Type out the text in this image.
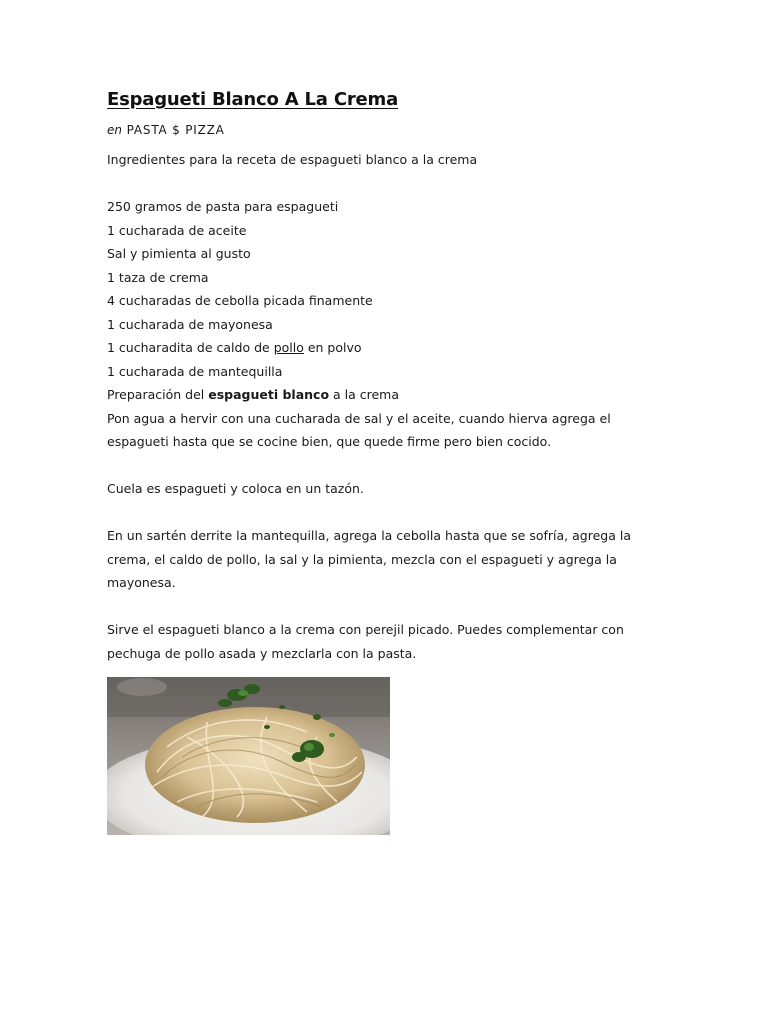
Espagueti Blanco A La Crema
en PASTA $ PIZZA

Ingredientes para la receta de espagueti blanco a la crema

250 gramos de pasta para espagueti

1 cucharada de aceite

Sal y pimienta al gusto

1 taza de crema

4 cucharadas de cebolla picada finamente

1 cucharada de mayonesa

1 cucharadita de caldo de pollo en polvo

1 cucharada de mantequilla

Preparación del espagueti blanco a la crema

Pon agua a hervir con una cucharada de sal y el aceite, cuando hierva agrega el espagueti hasta que se cocine bien, que quede firme pero bien cocido.

Cuela es espagueti y coloca en un tazón.

En un sartén derrite la mantequilla, agrega la cebolla hasta que se sofría, agrega la crema, el caldo de pollo, la sal y la pimienta, mezcla con el espagueti y agrega la mayonesa.

Sirve el espagueti blanco a la crema con perejil picado. Puedes complementar con pechuga de pollo asada y mezclarla con la pasta.
